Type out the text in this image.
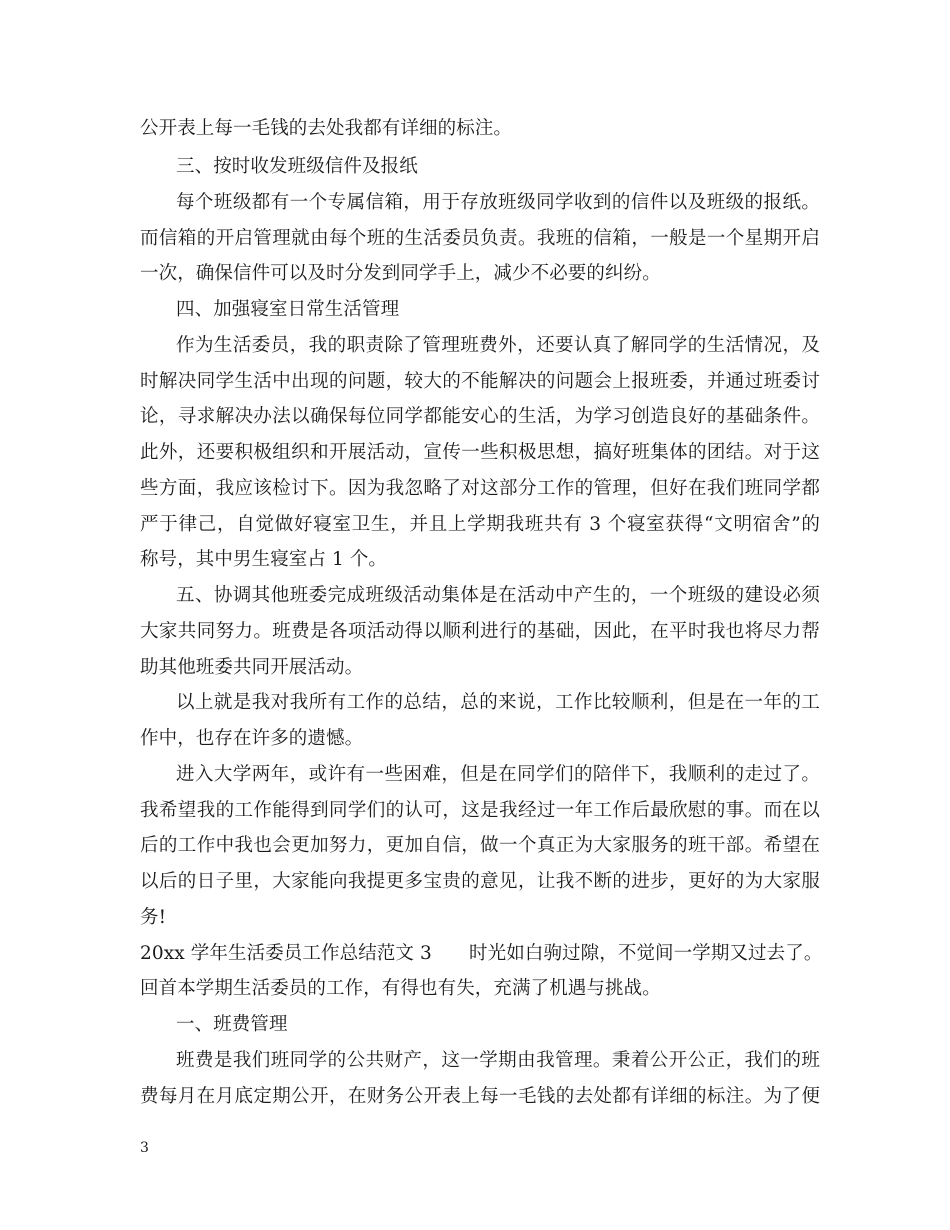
公开表上每一毛钱的去处我都有详细的标注。
三、按时收发班级信件及报纸
每个班级都有一个专属信箱，用于存放班级同学收到的信件以及班级的报纸。
而信箱的开启管理就由每个班的生活委员负责。我班的信箱，一般是一个星期开启
一次，确保信件可以及时分发到同学手上，减少不必要的纠纷。
四、加强寝室日常生活管理
作为生活委员，我的职责除了管理班费外，还要认真了解同学的生活情况，及
时解决同学生活中出现的问题，较大的不能解决的问题会上报班委，并通过班委讨
论，寻求解决办法以确保每位同学都能安心的生活，为学习创造良好的基础条件。
此外，还要积极组织和开展活动，宣传一些积极思想，搞好班集体的团结。对于这
些方面，我应该检讨下。因为我忽略了对这部分工作的管理，但好在我们班同学都
严于律己，自觉做好寝室卫生，并且上学期我班共有 3 个寝室获得“文明宿舍”的
称号，其中男生寝室占 1 个。
五、协调其他班委完成班级活动集体是在活动中产生的，一个班级的建设必须
大家共同努力。班费是各项活动得以顺利进行的基础，因此，在平时我也将尽力帮
助其他班委共同开展活动。
以上就是我对我所有工作的总结，总的来说，工作比较顺利，但是在一年的工
作中，也存在许多的遗憾。
进入大学两年，或许有一些困难，但是在同学们的陪伴下，我顺利的走过了。
我希望我的工作能得到同学们的认可，这是我经过一年工作后最欣慰的事。而在以
后的工作中我也会更加努力，更加自信，做一个真正为大家服务的班干部。希望在
以后的日子里，大家能向我提更多宝贵的意见，让我不断的进步，更好的为大家服
务!
20xx 学年生活委员工作总结范文 3　　时光如白驹过隙，不觉间一学期又过去了。
回首本学期生活委员的工作，有得也有失，充满了机遇与挑战。
一、班费管理
班费是我们班同学的公共财产，这一学期由我管理。秉着公开公正，我们的班
费每月在月底定期公开，在财务公开表上每一毛钱的去处都有详细的标注。为了便
3
